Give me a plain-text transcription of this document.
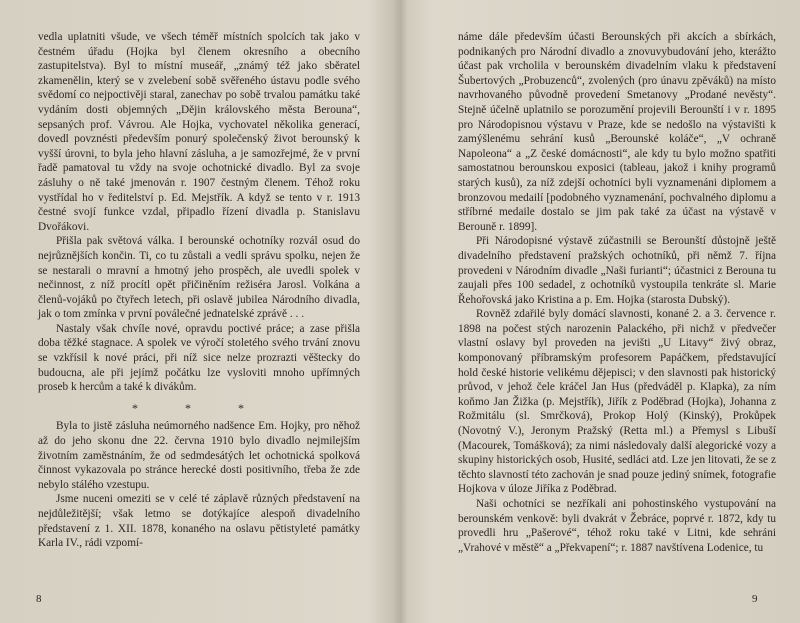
vedla uplatniti všude, ve všech téměř místních spolcích tak jako v čestném úřadu (Hojka byl členem okresního a obecního zastupitelstva). Byl to místní museář, „známý též jako sběratel zkamenělin, který se v zvelebení sobě svěřeného ústavu podle svého svědomí co nejpoctivěji staral, zanechav po sobě trvalou památku také vydáním dosti objemných „Dějin královského města Berouna“, sepsaných prof. Vávrou. Ale Hojka, vychovatel několika generací, dovedl povznésti především ponurý společenský život berounský k vyšší úrovni, to byla jeho hlavní zásluha, a je samozřejmé, že v první řadě pamatoval tu vždy na svoje ochotnické divadlo. Byl za svoje zásluhy o ně také jmenován r. 1907 čestným členem. Téhož roku vystřídal ho v ředitelství p. Ed. Mejstřík. A když se tento v r. 1913 čestné svojí funkce vzdal, připadlo řízení divadla p. Stanislavu Dvořákovi.

Přišla pak světová válka. I berounské ochotníky rozvál osud do nejrůznějších končin. Ti, co tu zůstali a vedli správu spolku, nejen že se nestarali o mravní a hmotný jeho prospěch, ale uvedli spolek v nečinnost, z níž procítl opět přičiněním režiséra Jarosl. Volkána a členů-vojáků po čtyřech letech, při oslavě jubilea Národního divadla, jak o tom zmínka v první poválečné jednatelské zprávě . . .

Nastaly však chvíle nové, opravdu poctivé práce; a zase přišla doba těžké stagnace. A spolek ve výročí stoletého svého trvání znovu se vzkřísil k nové práci, při níž sice nelze prozrazti věštecky do budoucna, ale při jejímž počátku lze vysloviti mnoho upřímných proseb k hercům a také k divákům.

* * *

Byla to jistě zásluha neúmorného nadšence Em. Hojky, pro něhož až do jeho skonu dne 22. června 1910 bylo divadlo nejmilejším životním zaměstnáním, že od sedmdesátých let ochotnická spolková činnost vykazovala po stránce herecké dosti positivního, třeba že zde nebylo stálého vzestupu.

Jsme nuceni omeziti se v celé té záplavě různých představení na nejdůležitější; však letmo se dotýkajíce alespoň divadelního představení z 1. XII. 1878, konaného na oslavu pětistyleté památky Karla IV., rádi vzpomí-

8

náme dále především účasti Berounských při akcích a sbírkách, podnikaných pro Národní divadlo a znovuvybudování jeho, kterážto účast pak vrcholila v berounském divadelním vlaku k představení Šubertových „Probuzenců“, zvolených (pro únavu zpěváků) na místo navrhovaného původně provedení Smetanovy „Prodané nevěsty“. Stejně účelně uplatnilo se porozumění projevili Berounští i v r. 1895 pro Národopisnou výstavu v Praze, kde se nedošlo na výstavišti k zamýšlenému sehrání kusů „Berounské koláče“, „V ochraně Napoleona“ a „Z české domácnosti“, ale kdy tu bylo možno spatřiti samostatnou berounskou exposici (tableau, jakož i knihy programů starých kusů), za níž zdejší ochotníci byli vyznamenáni diplomem a bronzovou medailí [podobného vyznamenání, pochvalného diplomu a stříbrné medaile dostalo se jim pak také za účast na výstavě v Berouně r. 1899].

Při Národopisné výstavě zúčastnili se Berounští důstojně ještě divadelního představení pražských ochotníků, při němž 7. října provedeni v Národním divadle „Naši furianti“; účastnici z Berouna tu zaujali přes 100 sedadel, z ochotníků vystoupila tenkráte sl. Marie Řehořovská jako Kristina a p. Em. Hojka (starosta Dubský).

Rovněž zdařilé byly domácí slavnosti, konané 2. a 3. července r. 1898 na počest stých narozenin Palackého, při nichž v předvečer vlastní oslavy byl proveden na jevišti „U Litavy“ živý obraz, komponovaný příbramským profesorem Papáčkem, představující hold české historie velikému dějepisci; v den slavnosti pak historický průvod, v jehož čele kráčel Jan Hus (předváděl p. Klapka), za ním koňmo Jan Žižka (p. Mejstřík), Jiřík z Poděbrad (Hojka), Johanna z Rožmitálu (sl. Smrčková), Prokop Holý (Kinský), Prokůpek (Novotný V.), Jeronym Pražský (Retta ml.) a Přemysl s Libuší (Macourek, Tomášková); za nimi následovaly další alegorické vozy a skupiny historických osob, Husité, sedláci atd. Lze jen litovati, že se z těchto slavností této zachován je snad pouze jediný snímek, fotografie Hojkova v úloze Jiříka z Poděbrad.

Naši ochotníci se nezříkali ani pohostinského vystupování na berounském venkově: byli dvakrát v Žebráce, poprvé r. 1872, kdy tu provedli hru „Pašerové“, téhož roku také v Litni, kde sehráni „Vrahové v městě“ a „Překvapení“; r. 1887 navštívena Lodenice, tu

9
